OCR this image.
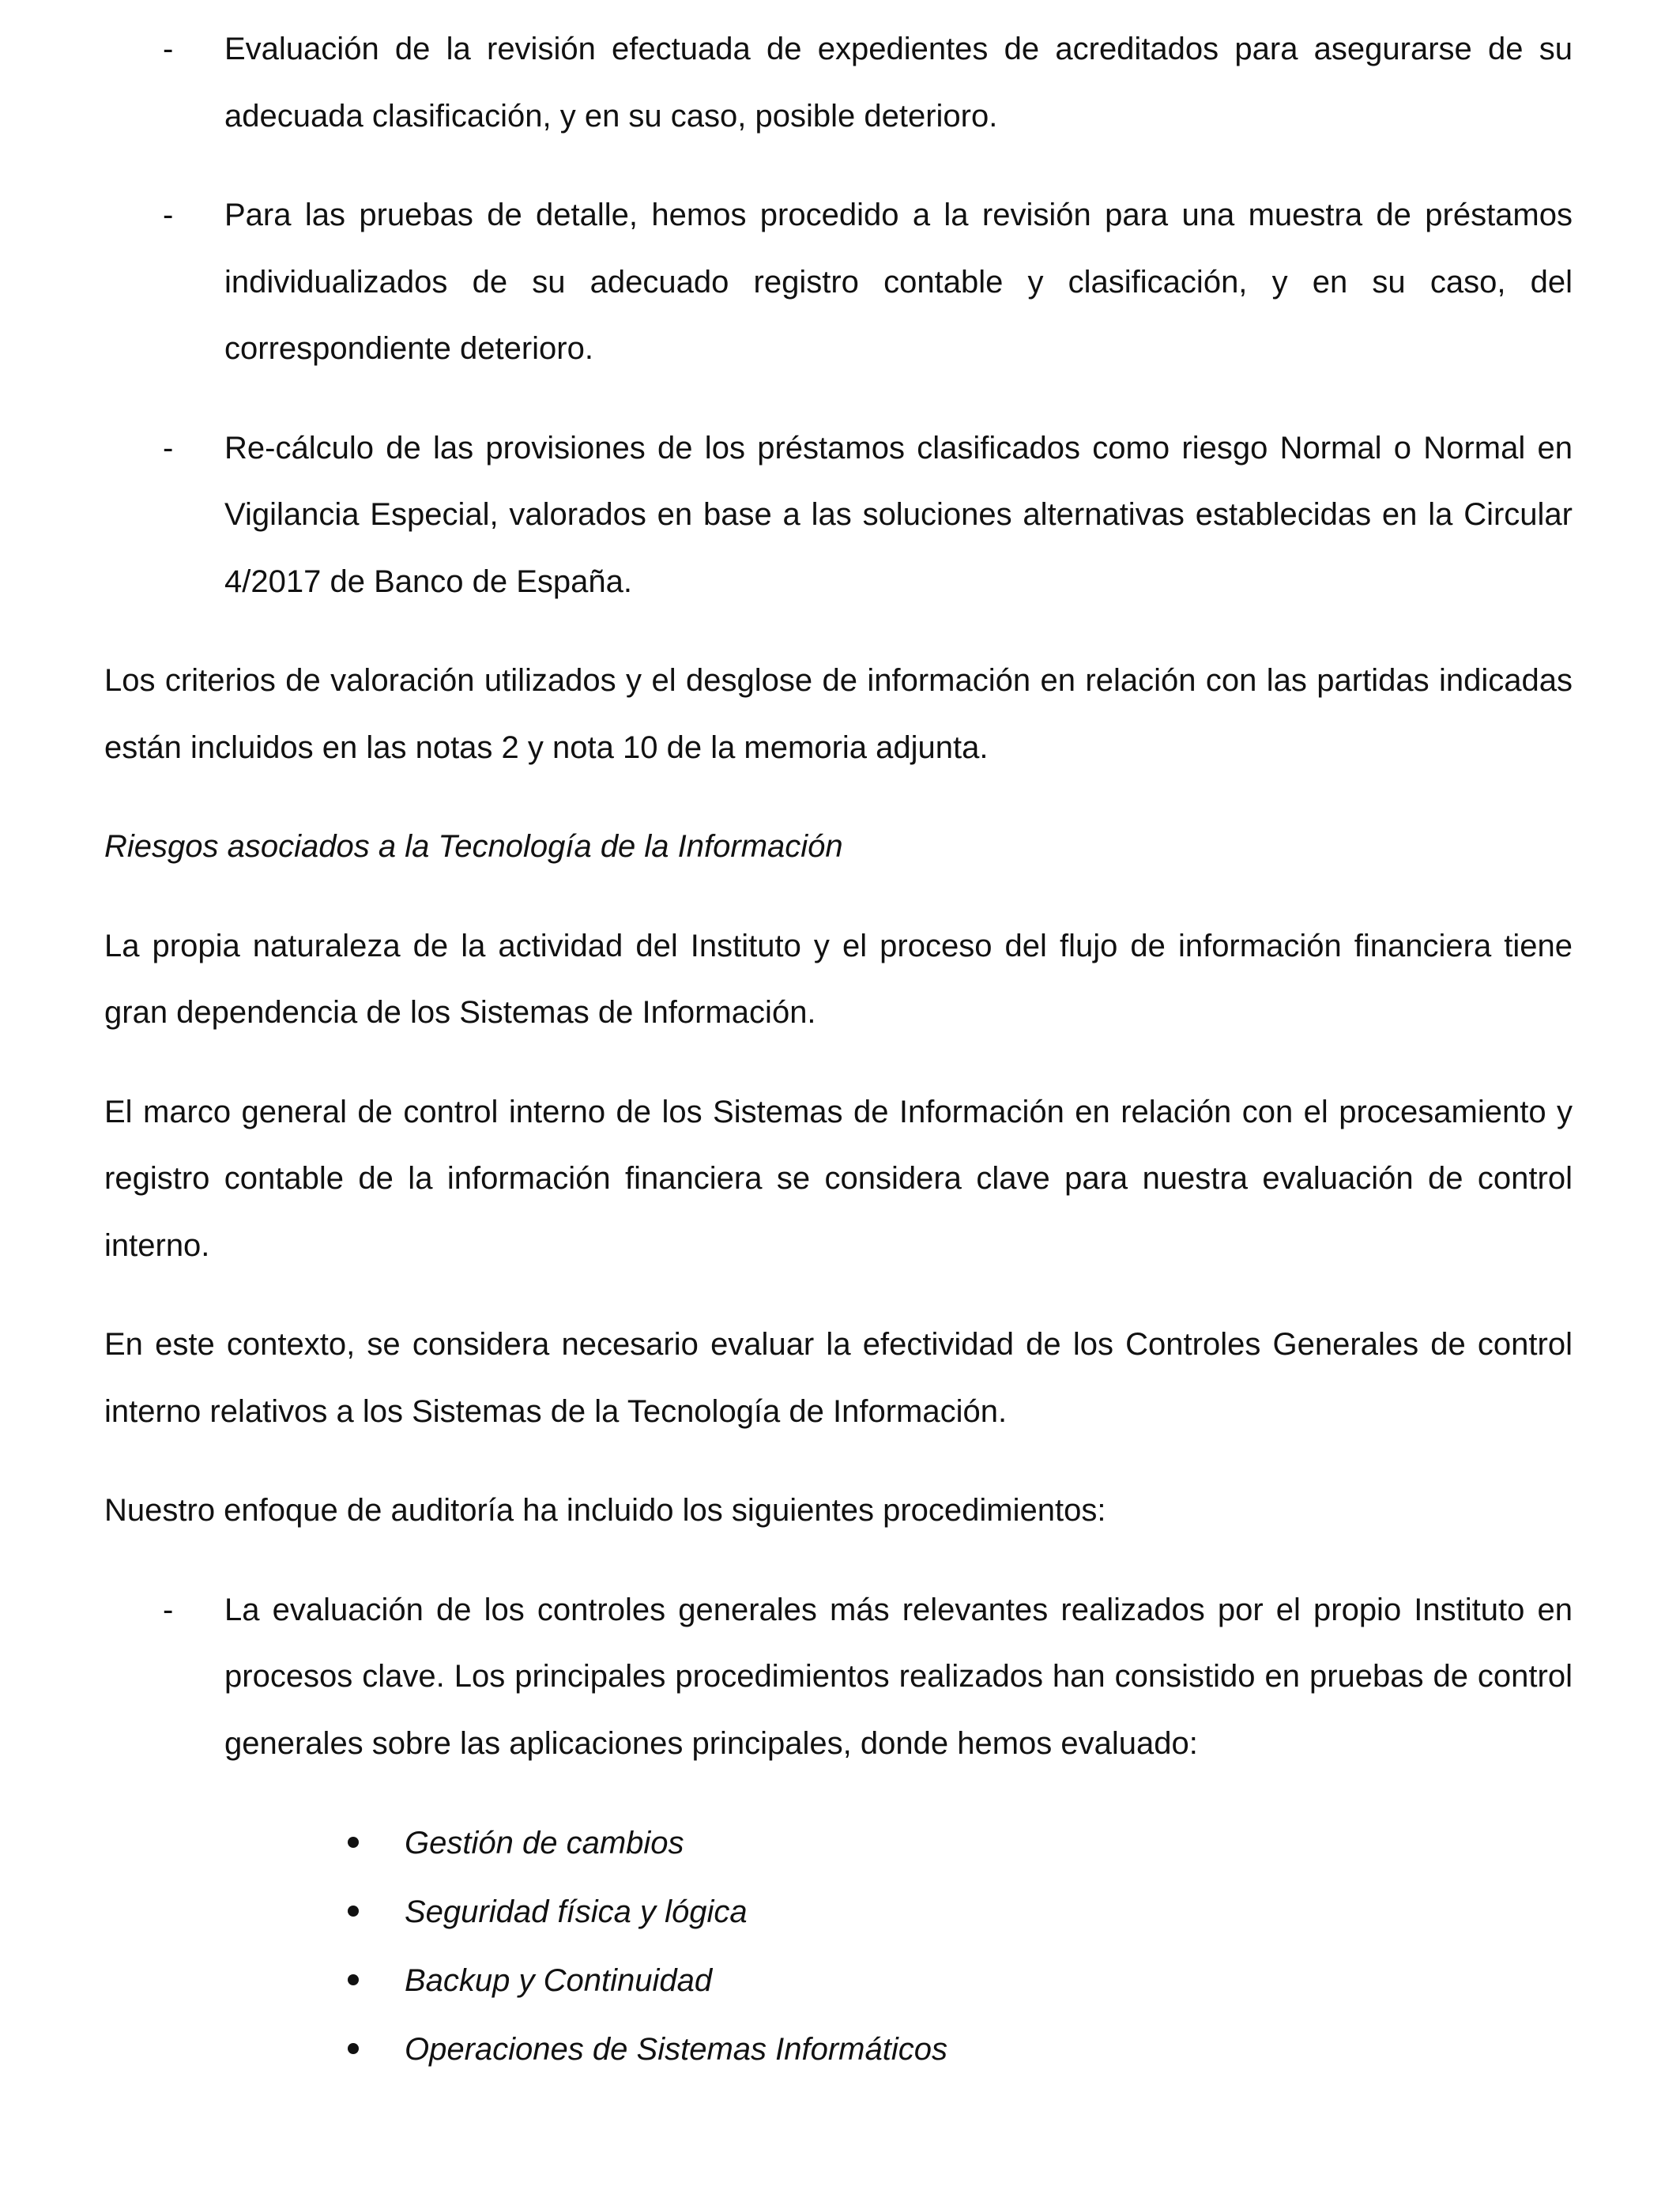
- Evaluación de la revisión efectuada de expedientes de acreditados para asegurarse de su adecuada clasificación, y en su caso, posible deterioro.
- Para las pruebas de detalle, hemos procedido a la revisión para una muestra de préstamos individualizados de su adecuado registro contable y clasificación, y en su caso, del correspondiente deterioro.
- Re-cálculo de las provisiones de los préstamos clasificados como riesgo Normal o Normal en Vigilancia Especial, valorados en base a las soluciones alternativas establecidas en la Circular 4/2017 de Banco de España.

Los criterios de valoración utilizados y el desglose de información en relación con las partidas indicadas están incluidos en las notas 2 y nota 10 de la memoria adjunta.

Riesgos asociados a la Tecnología de la Información

La propia naturaleza de la actividad del Instituto y el proceso del flujo de información financiera tiene gran dependencia de los Sistemas de Información.

El marco general de control interno de los Sistemas de Información en relación con el procesamiento y registro contable de la información financiera se considera clave para nuestra evaluación de control interno.

En este contexto, se considera necesario evaluar la efectividad de los Controles Generales de control interno relativos a los Sistemas de la Tecnología de Información.

Nuestro enfoque de auditoría ha incluido los siguientes procedimientos:

- La evaluación de los controles generales más relevantes realizados por el propio Instituto en procesos clave. Los principales procedimientos realizados han consistido en pruebas de control generales sobre las aplicaciones principales, donde hemos evaluado:
Gestión de cambios
Seguridad física y lógica
Backup y Continuidad
Operaciones de Sistemas Informáticos
